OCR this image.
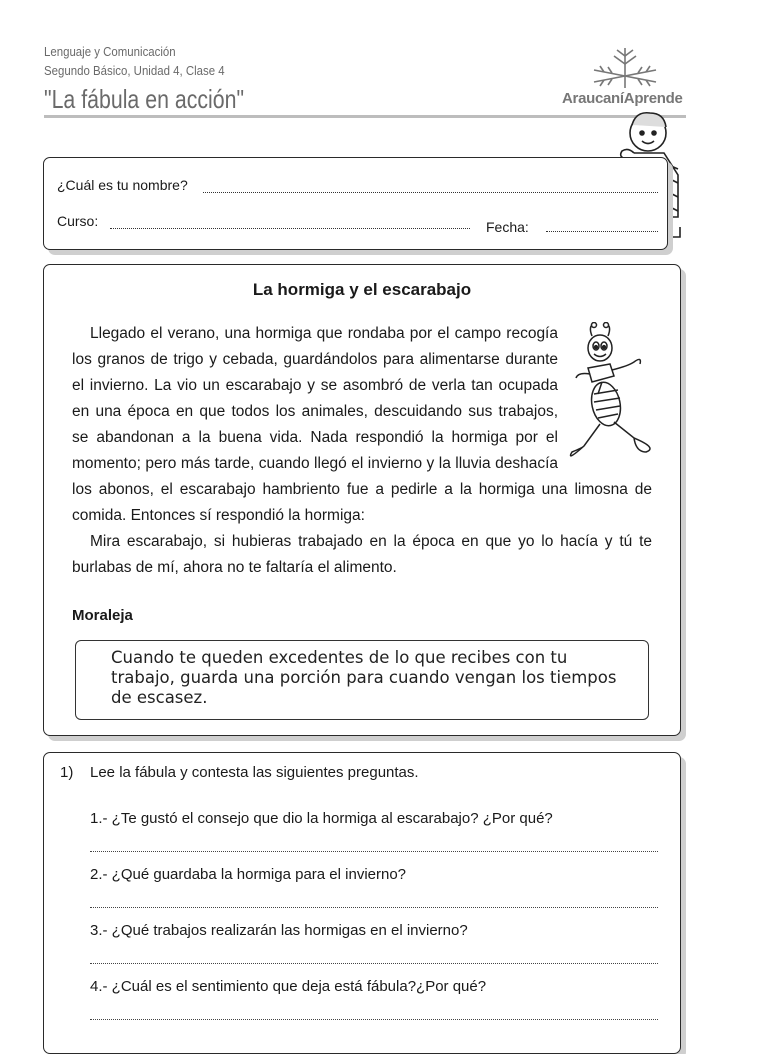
Lenguaje y Comunicación
Segundo Básico, Unidad 4, Clase 4
"La fábula en acción"	AraucaníAprende
¿Cuál es tu nombre?
Curso:	Fecha:
La hormiga y el escarabajo

Llegado el verano, una hormiga que rondaba por el campo recogía los granos de trigo y cebada, guardándolos para alimentarse durante el invierno. La vio un escarabajo y se asombró de verla tan ocupada en una época en que todos los animales, descuidando sus trabajos, se abandonan a la buena vida. Nada respondió la hormiga por el momento; pero más tarde, cuando llegó el invierno y la lluvia deshacía los abonos, el escarabajo hambriento fue a pedirle a la hormiga una limosna de comida. Entonces sí respondió la hormiga:

Mira escarabajo, si hubieras trabajado en la época en que yo lo hacía y tú te burlabas de mí, ahora no te faltaría el alimento.

Moraleja
Cuando te queden excedentes de lo que recibes con tu trabajo, guarda una porción para cuando vengan los tiempos de escasez.
1) Lee la fábula y contesta las siguientes preguntas.
1.- ¿Te gustó el consejo que dio la hormiga al escarabajo? ¿Por qué?
2.- ¿Qué guardaba la hormiga para el invierno?
3.- ¿Qué trabajos realizarán las hormigas en el invierno?
4.- ¿Cuál es el sentimiento que deja está fábula?¿Por qué?
